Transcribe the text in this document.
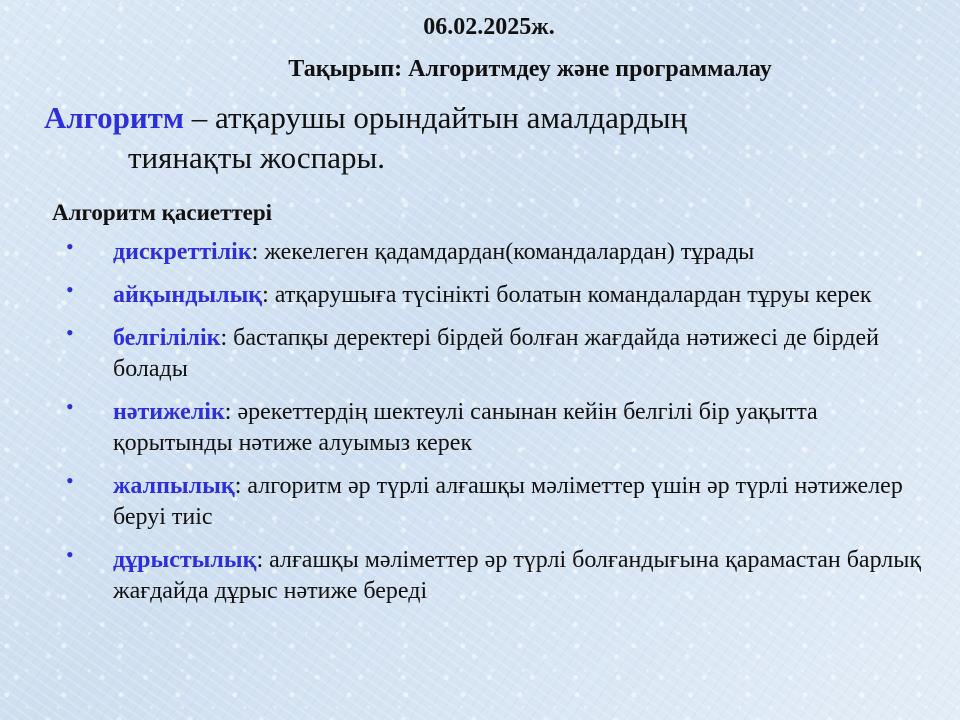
06.02.2025ж.
Тақырып: Алгоритмдеу және программалау
Алгоритм – атқарушы орындайтын амалдардың
тиянақты жоспары.
Алгоритм қасиеттері
• дискреттілік: жекелеген қадамдардан(командалардан) тұрады
• айқындылық: атқарушыға түсінікті болатын командалардан тұруы керек
• белгілілік: бастапқы деректері бірдей болған жағдайда нәтижесі де бірдей болады
• нәтижелік: әрекеттердің шектеулі санынан кейін белгілі бір уақытта қорытынды нәтиже алуымыз керек
• жалпылық: алгоритм әр түрлі алғашқы мәліметтер үшін әр түрлі нәтижелер беруі тиіс
• дұрыстылық: алғашқы мәліметтер әр түрлі болғандығына қарамастан барлық жағдайда дұрыс нәтиже береді
